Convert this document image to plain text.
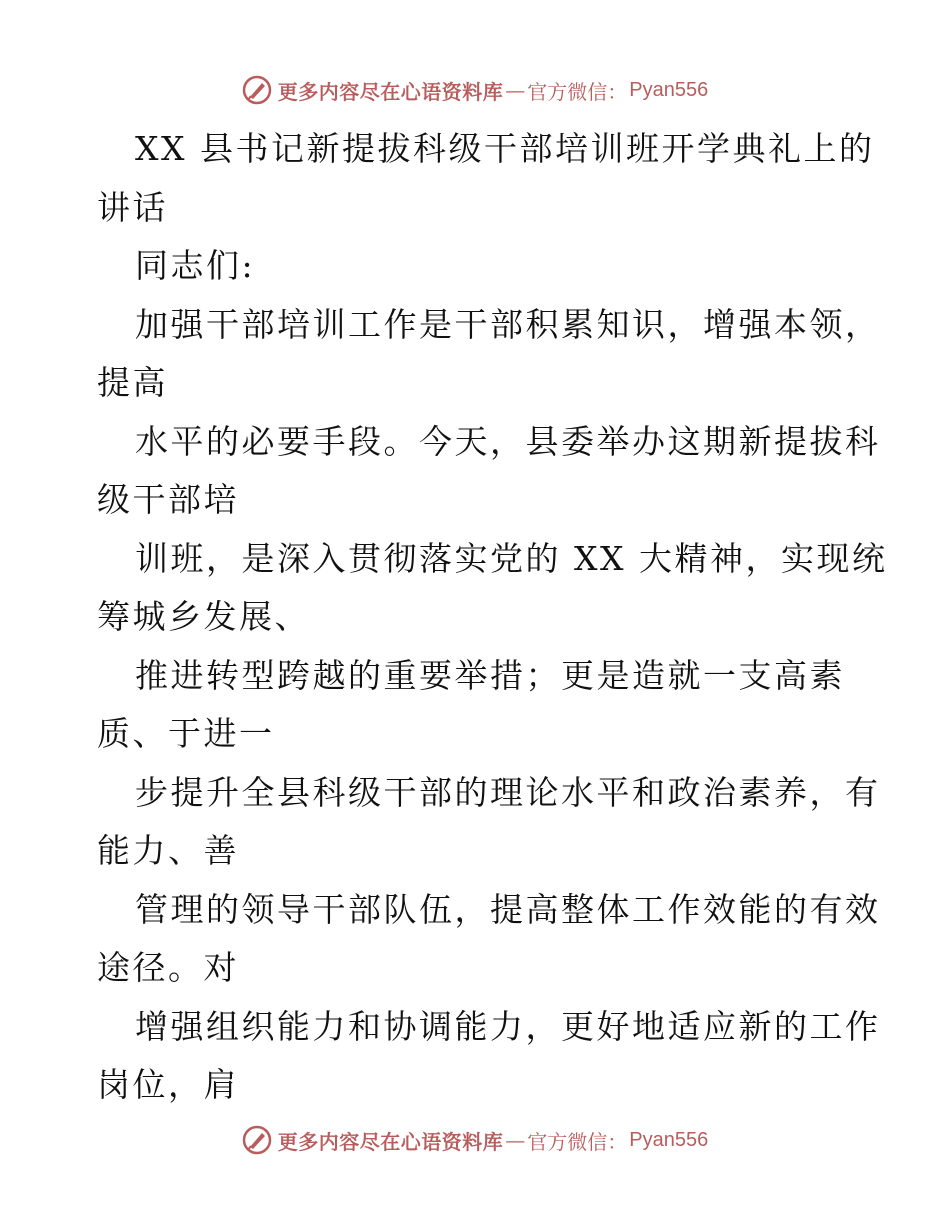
更多内容尽在心语资料库 — 官方微信： Pyan556
XX 县书记新提拔科级干部培训班开学典礼上的
讲话
同志们:
加强干部培训工作是干部积累知识，增强本领，
提高
水平的必要手段。今天，县委举办这期新提拔科
级干部培
训班，是深入贯彻落实党的 XX 大精神，实现统
筹城乡发展、
推进转型跨越的重要举措；更是造就一支高素
质、于进一
步提升全县科级干部的理论水平和政治素养，有
能力、善
管理的领导干部队伍，提高整体工作效能的有效
途径。对
增强组织能力和协调能力，更好地适应新的工作
岗位，肩
更多内容尽在心语资料库 — 官方微信： Pyan556
